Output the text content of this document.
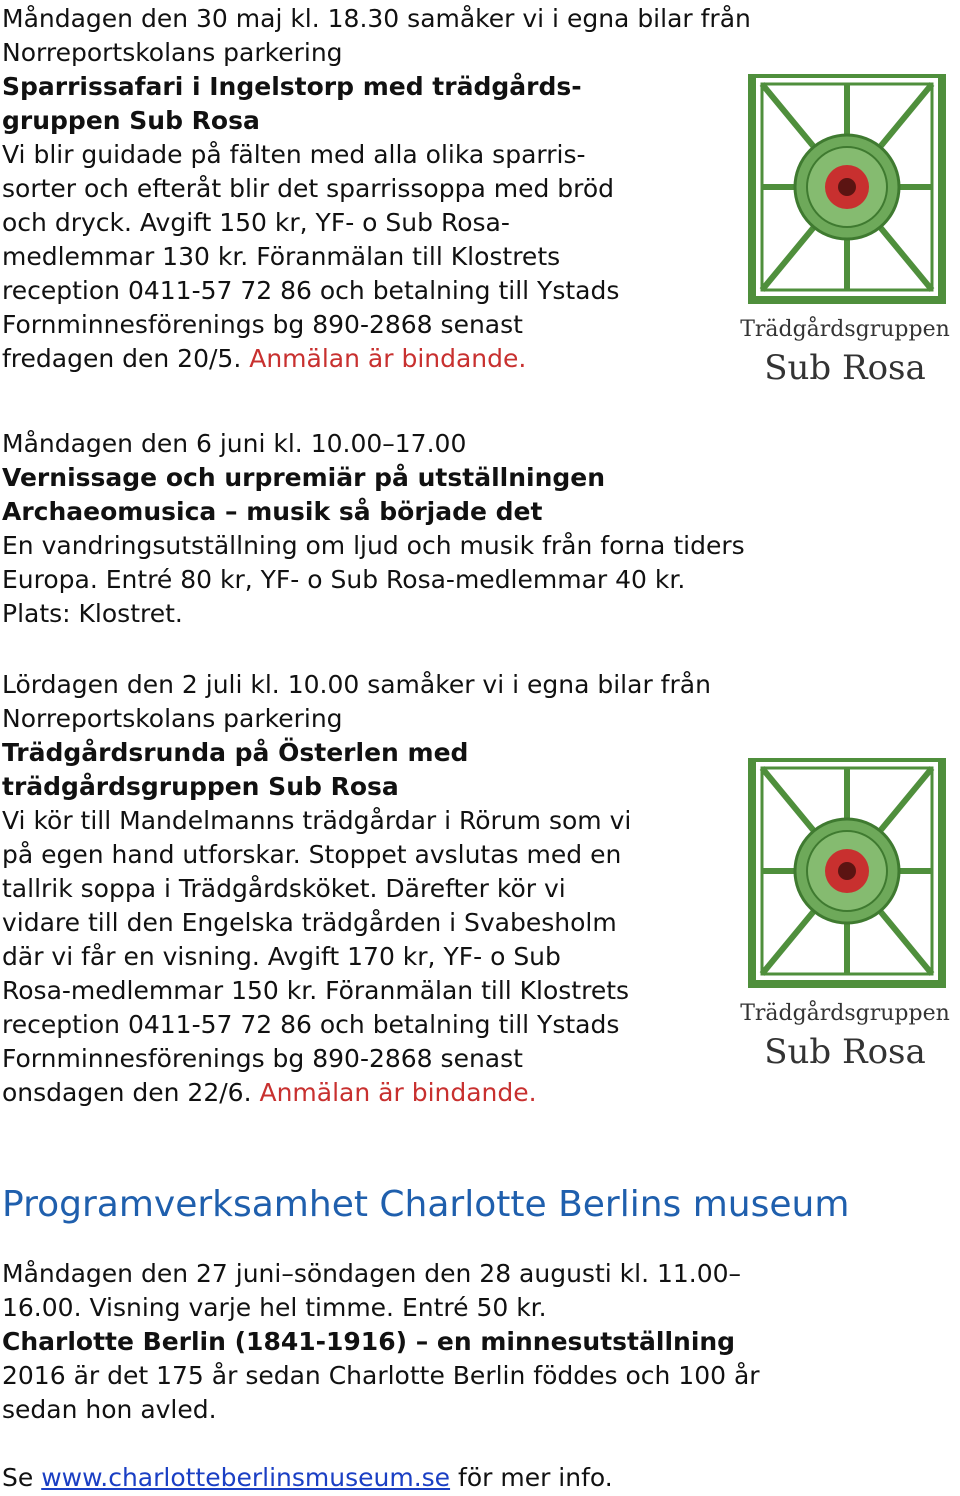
Måndagen den 30 maj kl. 18.30 samåker vi i egna bilar från
Norreportskolans parkering
Sparrissafari i Ingelstorp med trädgårds-
gruppen Sub Rosa
Vi blir guidade på fälten med alla olika sparris-
sorter och efteråt blir det sparrissoppa med bröd
och dryck. Avgift 150 kr, YF- o Sub Rosa-
medlemmar 130 kr. Föranmälan till Klostrets
reception 0411-57 72 86 och betalning till Ystads
Fornminnesförenings bg 890-2868 senast
fredagen den 20/5. Anmälan är bindande.
Trädgårdsgruppen
Sub Rosa
Måndagen den 6 juni kl. 10.00–17.00
Vernissage och urpremiär på utställningen
Archaeomusica – musik så började det
En vandringsutställning om ljud och musik från forna tiders
Europa. Entré 80 kr, YF- o Sub Rosa-medlemmar 40 kr.
Plats: Klostret.
Lördagen den 2 juli kl. 10.00 samåker vi i egna bilar från
Norreportskolans parkering
Trädgårdsrunda på Österlen med
trädgårdsgruppen Sub Rosa
Vi kör till Mandelmanns trädgårdar i Rörum som vi
på egen hand utforskar. Stoppet avslutas med en
tallrik soppa i Trädgårdsköket. Därefter kör vi
vidare till den Engelska trädgården i Svabesholm
där vi får en visning. Avgift 170 kr, YF- o Sub
Rosa-medlemmar 150 kr. Föranmälan till Klostrets
reception 0411-57 72 86 och betalning till Ystads
Fornminnesförenings bg 890-2868 senast
onsdagen den 22/6. Anmälan är bindande.
Trädgårdsgruppen
Sub Rosa
Programverksamhet Charlotte Berlins museum
Måndagen den 27 juni–söndagen den 28 augusti kl. 11.00–
16.00. Visning varje hel timme. Entré 50 kr.
Charlotte Berlin (1841-1916) – en minnesutställning
2016 är det 175 år sedan Charlotte Berlin föddes och 100 år
sedan hon avled.
Se www.charlotteberlinsmuseum.se för mer info.
